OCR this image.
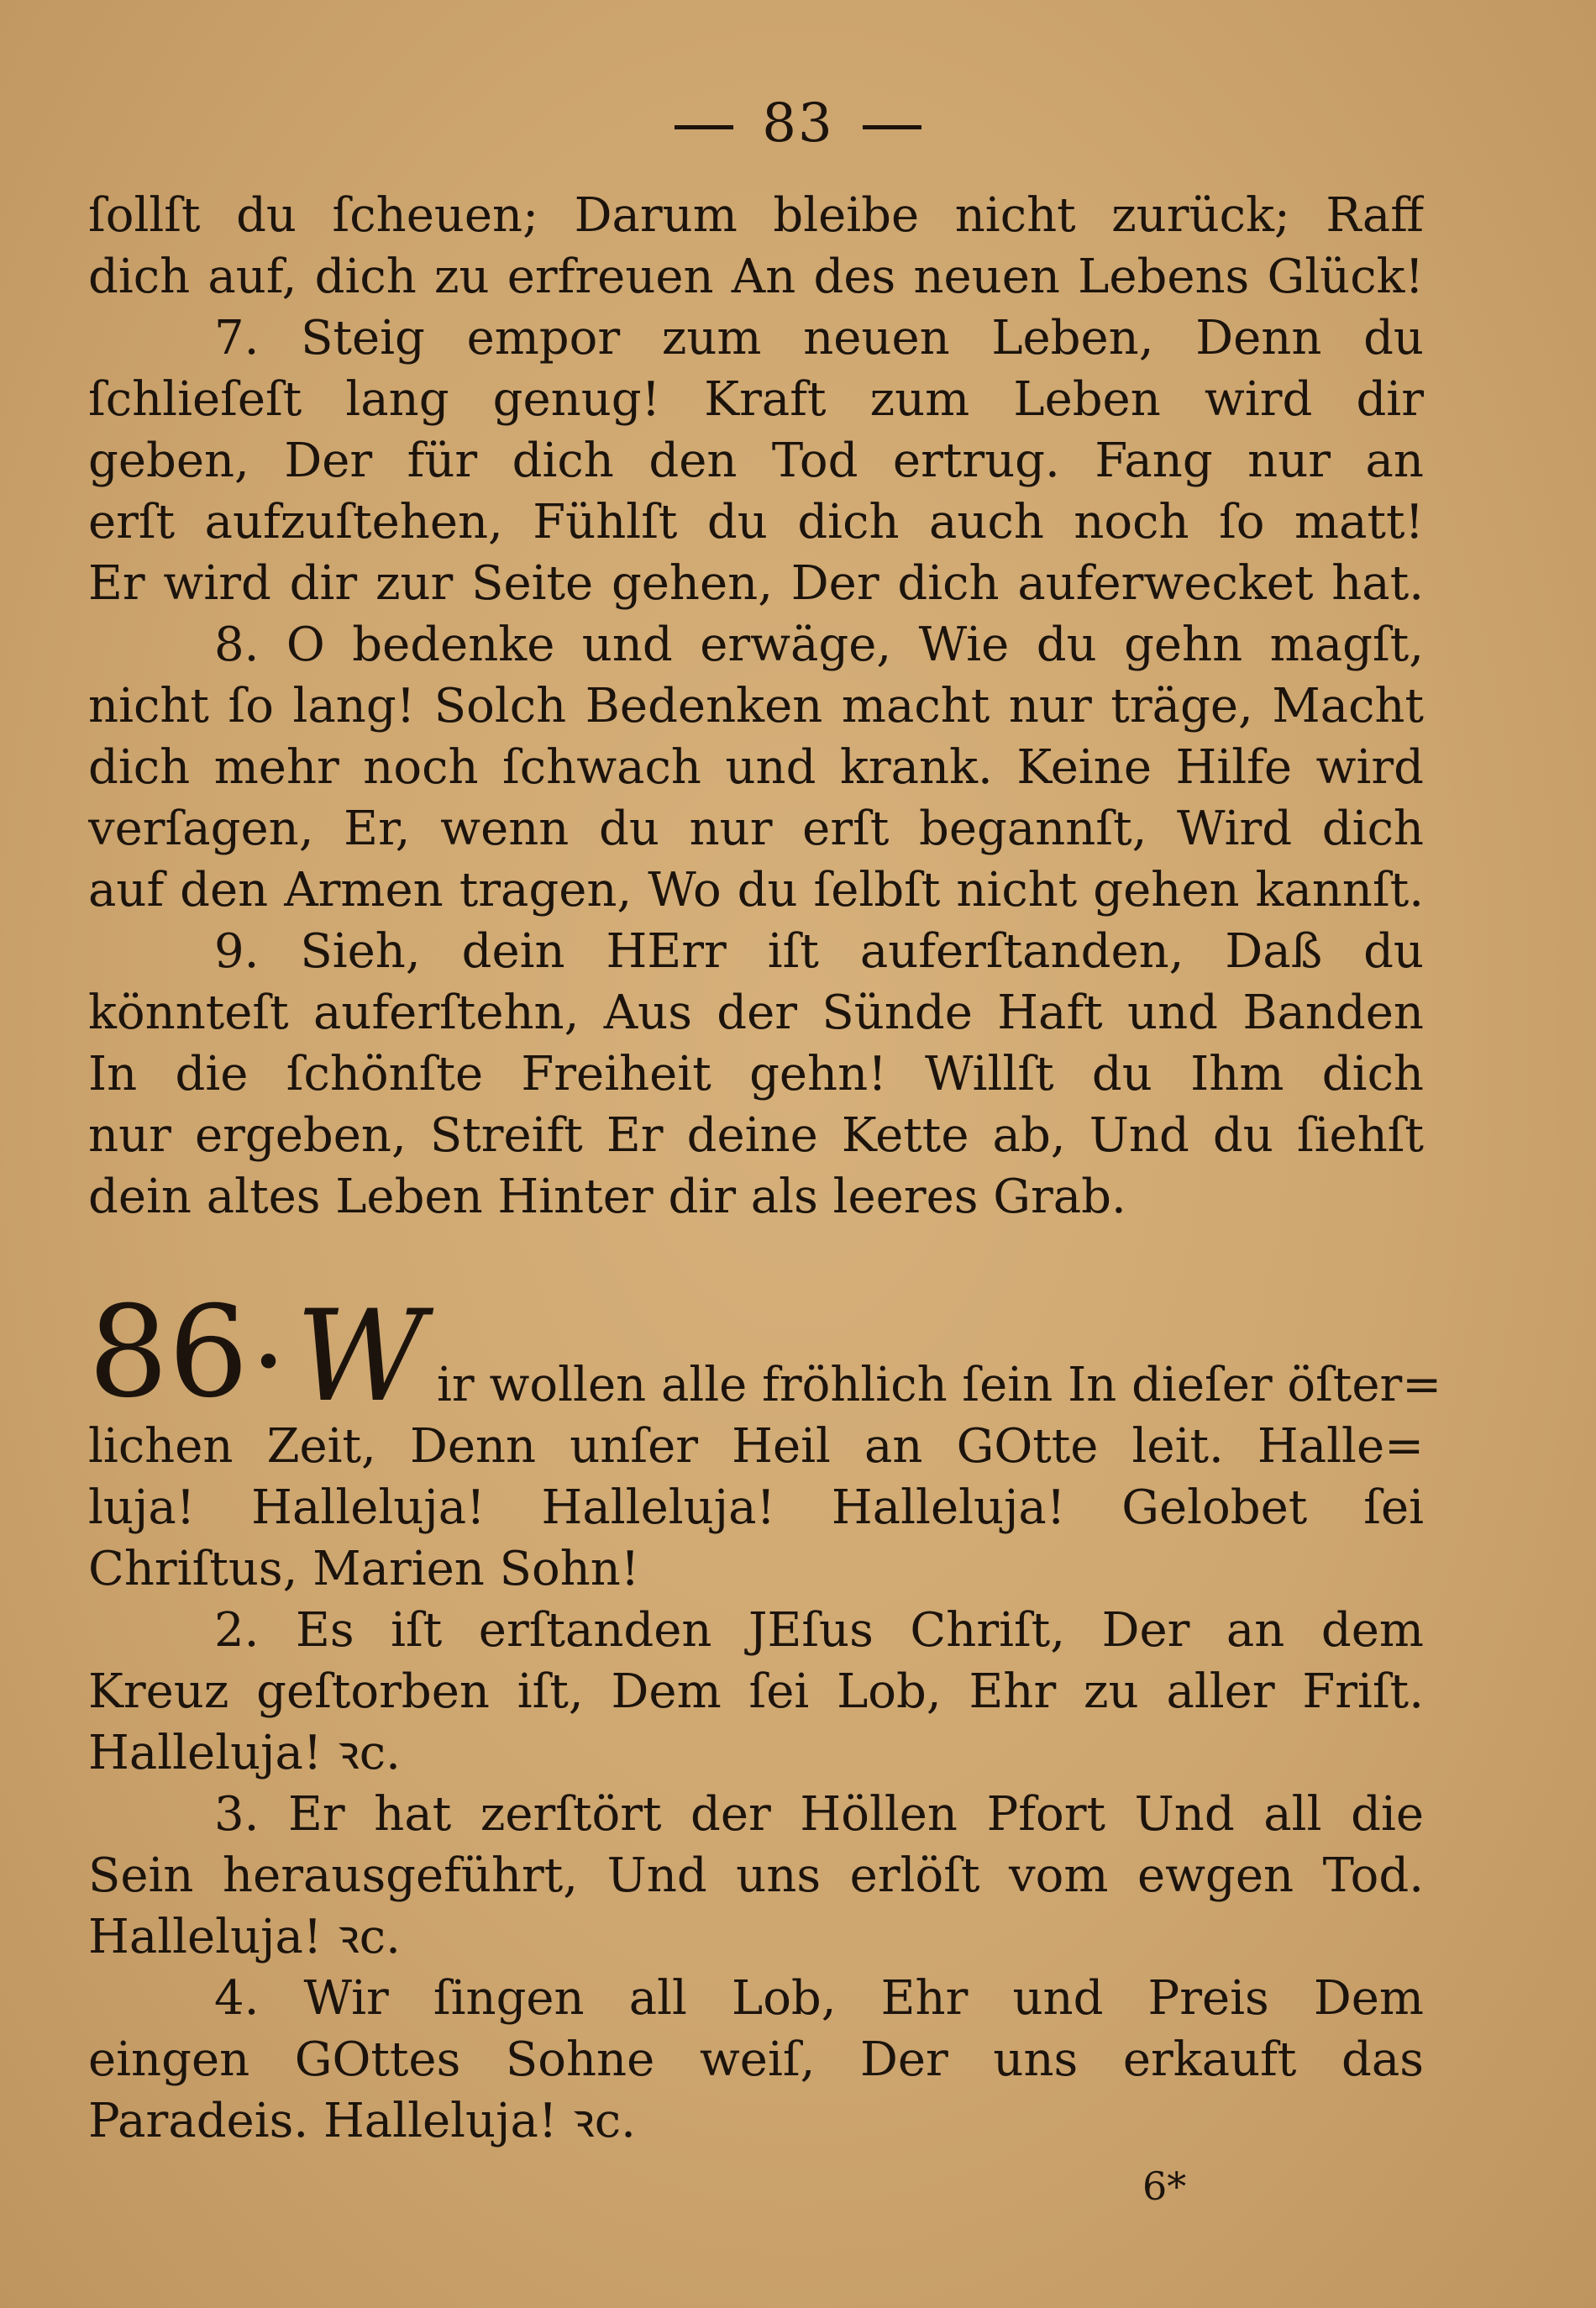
83
ſollſt du ſcheuen; Darum bleibe nicht zurück; Raff
dich auf, dich zu erfreuen An des neuen Lebens Glück!
7. Steig empor zum neuen Leben, Denn du
ſchlieſeſt lang genug! Kraft zum Leben wird dir
geben, Der für dich den Tod ertrug. Fang nur an
erſt aufzuſtehen, Fühlſt du dich auch noch ſo matt!
Er wird dir zur Seite gehen, Der dich auferwecket hat.
8. O bedenke und erwäge, Wie du gehn magſt,
nicht ſo lang! Solch Bedenken macht nur träge, Macht
dich mehr noch ſchwach und krank. Keine Hilfe wird
verſagen, Er, wenn du nur erſt begannſt, Wird dich
auf den Armen tragen, Wo du ſelbſt nicht gehen kannſt.
9. Sieh, dein HErr iſt auferſtanden, Daß du
könnteſt auferſtehn, Aus der Sünde Haft und Banden
In die ſchönſte Freiheit gehn! Willſt du Ihm dich
nur ergeben, Streift Er deine Kette ab, Und du ſiehſt
dein altes Leben Hinter dir als leeres Grab.
86 • W ir wollen alle fröhlich ſein In dieſer öſter=
lichen Zeit, Denn unſer Heil an GOtte leit. Halle=
luja! Halleluja! Halleluja! Halleluja! Gelobet ſei
Chriſtus, Marien Sohn!
2. Es iſt erſtanden JEſus Chriſt, Der an dem
Kreuz geſtorben iſt, Dem ſei Lob, Ehr zu aller Friſt.
Halleluja! ꝛc.
3. Er hat zerſtört der Höllen Pfort Und all die
Sein herausgeführt, Und uns erlöſt vom ewgen Tod.
Halleluja! ꝛc.
4. Wir ſingen all Lob, Ehr und Preis Dem
eingen GOttes Sohne weiſ, Der uns erkauft das
Paradeis. Halleluja! ꝛc.
6*
